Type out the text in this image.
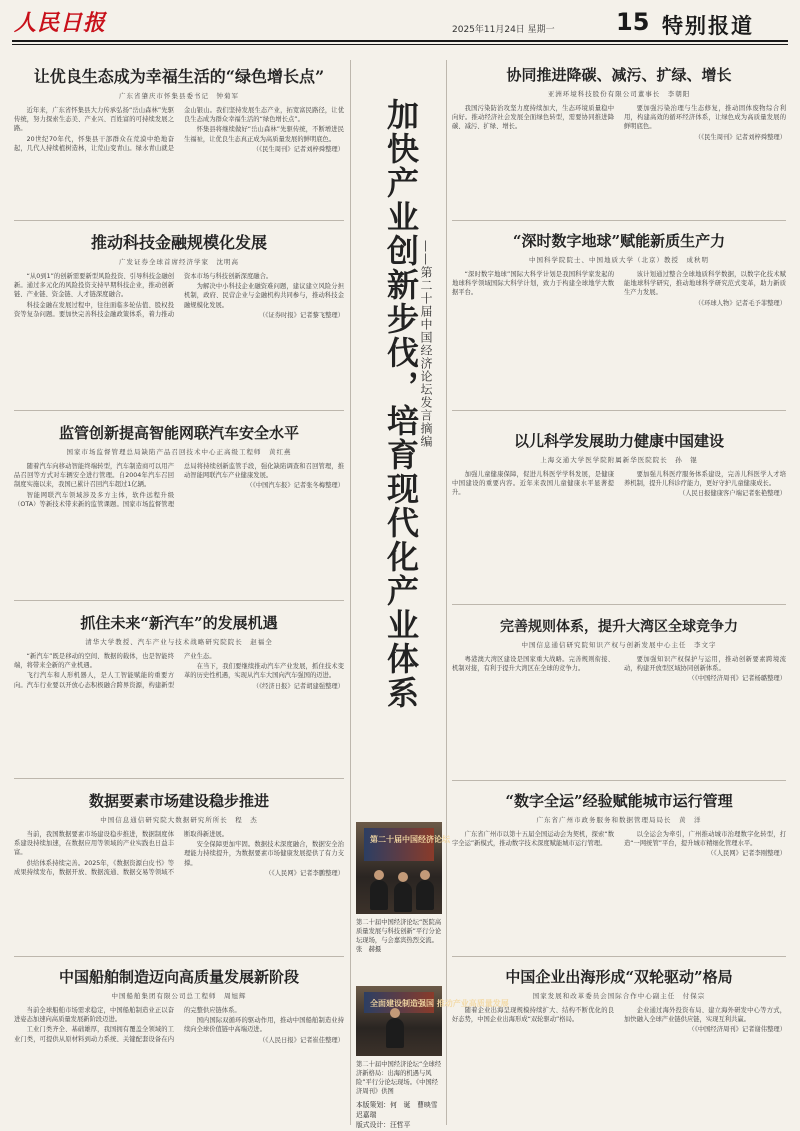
人民日报	2025年11月24日 星期一	15 特别报道
加快产业创新步伐，培育现代化产业体系 ——第二十届中国经济论坛发言摘编
让优良生态成为幸福生活的“绿色增长点”
广东省肇庆市怀集县委书记　钟菊军

近年来，广东省怀集县大力传承弘扬“岳山森林”先驱传统，努力探索生态美、产业兴、百姓富的可持续发展之路。

20世纪70年代，怀集县干部群众在荒漠中绝地奋起，几代人持续植树造林，让荒山变青山。绿水青山就是金山银山。我们坚持发展生态产业，拓宽富民路径，让优良生态成为群众幸福生活的“绿色增长点”。

怀集县将继续做好“岳山森林”先驱传统，不断增进民生福祉，让优良生态真正成为高质量发展的鲜明底色。

（《民生周刊》记者刘梓舜整理）

推动科技金融规模化发展
广发证券全球首席经济学家　沈明高

“从0到1”的创新需要新型风险投资、引导科技金融创新。通过多元化的风险投资支持早期科技企业，推动创新链、产业链、资金链、人才链深度融合。

科技金融在发展过程中，往往面临多轮估值、股权投资等复杂问题。要加快完善科技金融政策体系，着力推动资本市场与科技创新深度融合。

为解决中小科技企业融资难问题，建议建立风险分担机制，政府、民营企业与金融机构共同参与，推动科技金融规模化发展。

（《证券时报》记者黎飞整理）

监管创新提高智能网联汽车安全水平
国家市场监督管理总局缺陷产品召回技术中心正高级工程师　黄红燕

随着汽车向移动智能终端转型，汽车制造商可以用产品召回等方式对车辆安全进行管理。自2004年汽车召回制度实施以来，我国已累计召回汽车超过1亿辆。

智能网联汽车领域涉及多方主体，软件远程升级（OTA）等新技术带来新的监管课题。国家市场监督管理总局将持续创新监管手段，强化缺陷调查和召回管理，推动智能网联汽车产业健康发展。

（《中国汽车报》记者张冬梅整理）

抓住未来“新汽车”的发展机遇
清华大学教授、汽车产业与技术战略研究院院长　赵福全

“新汽车”既是移动的空间、数据的载体，也是智能终端，将带来全新的产业机遇。

飞行汽车和人形机器人，是人工智能赋能的重要方向。汽车行业要以开放心态积极融合跨界资源，构建新型产业生态。

在当下，我们要继续推动汽车产业发展，抓住技术变革的历史性机遇，实现从汽车大国向汽车强国的迈进。

（《经济日报》记者胡建强整理）

数据要素市场建设稳步推进
中国信息通信研究院大数据研究所所长　程　杰

当前，我国数据要素市场建设稳步推进，数据制度体系建设持续加速，在数据应用等领域的产业实践也日益丰富。

供给体系持续完善。2025年，《数据资源白皮书》等成果持续发布，数据开放、数据流通、数据交易等领域不断取得新进展。

安全保障更加牢固。数据技术深度融合，数据安全治理能力持续提升，为数据要素市场健康发展提供了有力支撑。

（《人民网》记者李鹏整理）

中国船舶制造迈向高质量发展新阶段
中国船舶集团有限公司总工程师　周旭辉

当前全球船舶市场需求稳定，中国船舶制造业正以奋进姿态加速向高质量发展新阶段迈进。

工业门类齐全、基础雄厚，我国拥有覆盖全领域的工业门类，可提供从原材料到动力系统、关键配套设备在内的完整供应链体系。

国内国际双循环的驱动作用，推动中国船舶制造业持续向全球价值链中高端迈进。

（《人民日报》记者崔佳整理）

第二十届中国经济论坛
第二十届中国经济论坛“医院高质量发展与科技创新”平行分论坛现场，与会嘉宾热烈交流。　张　赫摄
全面建设制造强国 推动产业高质量发展
第二十届中国经济论坛“全球经济新格局：出海的机遇与风险”平行分论坛现场。《中国经济周刊》供图
本版策划：何　诞　曹映雪　迟嘉瑞
版式设计：汪哲平
协同推进降碳、减污、扩绿、增长
亚洲环境科技股份有限公司董事长　李朝阳

我国污染防治攻坚力度持续加大，生态环境质量稳中向好。推动经济社会发展全面绿色转型，需要协同推进降碳、减污、扩绿、增长。

要加强污染治理与生态修复，推动固体废物综合利用，构建高效的循环经济体系，让绿色成为高质量发展的鲜明底色。

（《民生周刊》记者刘梓舜整理）

“深时数字地球”赋能新质生产力
中国科学院院士、中国地质大学（北京）教授　成秋明

“深时数字地球”国际大科学计划是我国科学家发起的地球科学领域国际大科学计划，致力于构建全球地学大数据平台。

该计划通过整合全球地质科学数据，以数字化技术赋能地球科学研究，推动地球科学研究范式变革，助力新质生产力发展。

（《环球人物》记者毛予菲整理）

以儿科学发展助力健康中国建设
上海交通大学医学院附属新华医院院长　孙　锟

加强儿童健康保障，促进儿科医学学科发展，是健康中国建设的重要内容。近年来我国儿童健康水平显著提升。

要加强儿科医疗服务体系建设，完善儿科医学人才培养机制，提升儿科诊疗能力，更好守护儿童健康成长。

（人民日报健康客户端记者张艳整理）

完善规则体系，提升大湾区全球竞争力
中国信息通信研究院知识产权与创新发展中心主任　李文宇

粤港澳大湾区建设是国家重大战略。完善规则衔接、机制对接，有利于提升大湾区在全球的竞争力。

要加强知识产权保护与运用，推动创新要素跨境流动，构建开放型区域协同创新体系。

（《中国经济周刊》记者杨璐整理）

“数字全运”经验赋能城市运行管理
广东省广州市政务服务和数据管理局局长　黄　洋

广东省广州市以第十五届全国运动会为契机，探索“数字全运”新模式，推动数字技术深度赋能城市运行管理。

以全运会为牵引，广州推动城市治理数字化转型，打造“一网统管”平台，提升城市精细化管理水平。

（《人民网》记者李刚整理）

中国企业出海形成“双轮驱动”格局
国家发展和改革委员会国际合作中心副主任　付保宗

随着企业出海呈现规模持续扩大、结构不断优化的良好态势，中国企业出海形成“双轮驱动”格局。

企业通过海外投资布局、建立海外研发中心等方式，加快融入全球产业链供应链，实现互利共赢。

（《中国经济周刊》记者谢伟整理）
